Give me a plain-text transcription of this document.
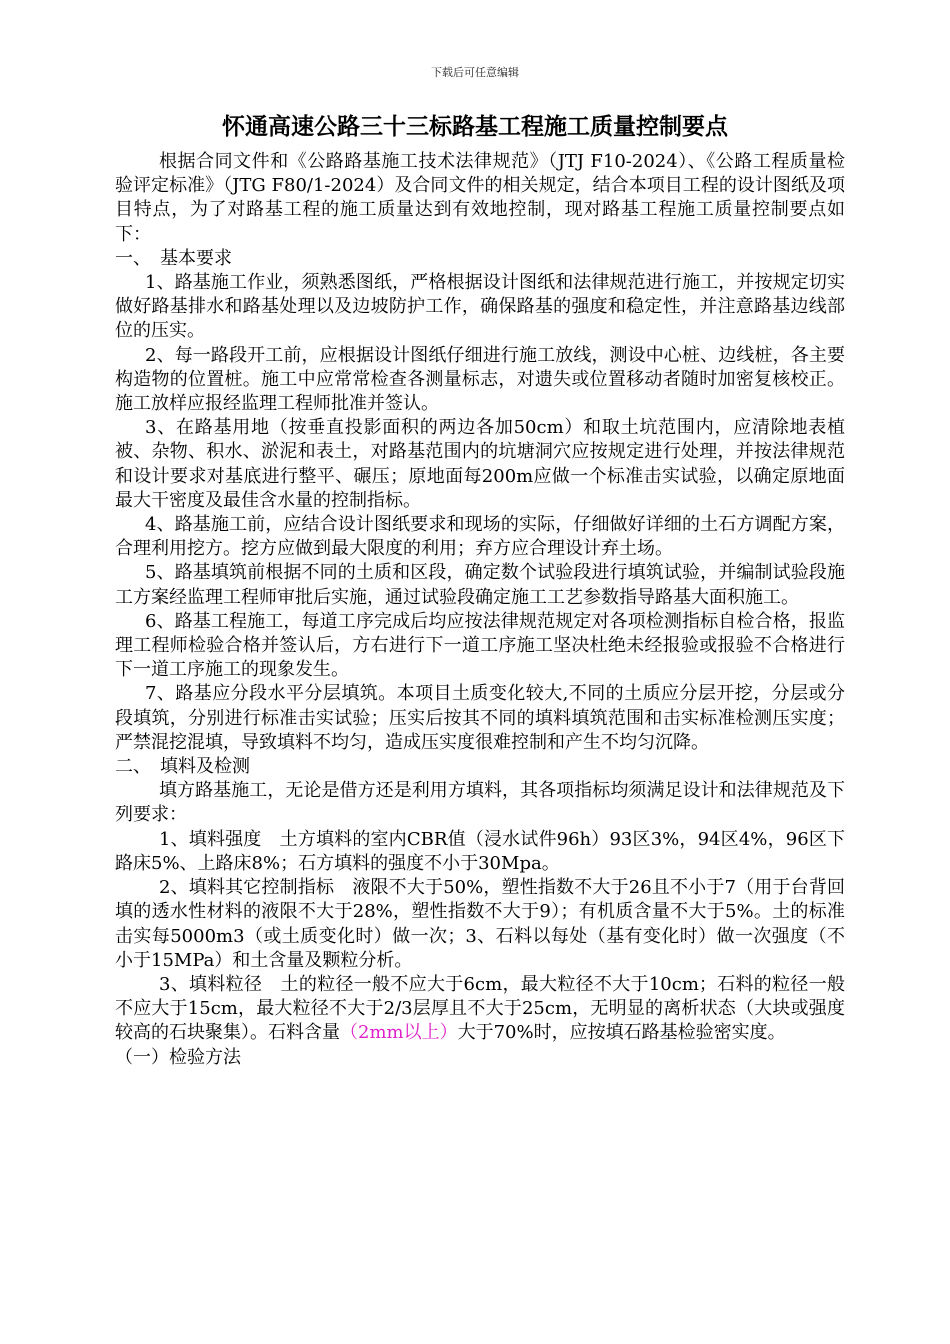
下载后可任意编辑
怀通高速公路三十三标路基工程施工质量控制要点

根据合同文件和《公路路基施工技术法律规范》（JTJ F10-2024）、《公路工程质量检验评定标准》（JTG F80/1-2024）及合同文件的相关规定，结合本项目工程的设计图纸及项目特点，为了对路基工程的施工质量达到有效地控制，现对路基工程施工质量控制要点如下：

一、　基本要求

1、路基施工作业，须熟悉图纸，严格根据设计图纸和法律规范进行施工，并按规定切实做好路基排水和路基处理以及边坡防护工作，确保路基的强度和稳定性，并注意路基边线部位的压实。

2、每一路段开工前，应根据设计图纸仔细进行施工放线，测设中心桩、边线桩，各主要构造物的位置桩。施工中应常常检查各测量标志，对遗失或位置移动者随时加密复核校正。施工放样应报经监理工程师批准并签认。

3、在路基用地（按垂直投影面积的两边各加50cm）和取土坑范围内，应清除地表植被、杂物、积水、淤泥和表土，对路基范围内的坑塘洞穴应按规定进行处理，并按法律规范和设计要求对基底进行整平、碾压；原地面每200m应做一个标准击实试验，以确定原地面最大干密度及最佳含水量的控制指标。

4、路基施工前，应结合设计图纸要求和现场的实际，仔细做好详细的土石方调配方案，合理利用挖方。挖方应做到最大限度的利用；弃方应合理设计弃土场。

5、路基填筑前根据不同的土质和区段，确定数个试验段进行填筑试验，并编制试验段施工方案经监理工程师审批后实施，通过试验段确定施工工艺参数指导路基大面积施工。

6、路基工程施工，每道工序完成后均应按法律规范规定对各项检测指标自检合格，报监理工程师检验合格并签认后，方右进行下一道工序施工坚决杜绝未经报验或报验不合格进行下一道工序施工的现象发生。

7、路基应分段水平分层填筑。本项目土质变化较大,不同的土质应分层开挖，分层或分段填筑，分别进行标准击实试验；压实后按其不同的填料填筑范围和击实标准检测压实度；严禁混挖混填，导致填料不均匀，造成压实度很难控制和产生不均匀沉降。

二、　填料及检测

填方路基施工，无论是借方还是利用方填料，其各项指标均须满足设计和法律规范及下列要求：

1、填料强度　土方填料的室内CBR值（浸水试件96h）93区3%，94区4%，96区下路床5%、上路床8%；石方填料的强度不小于30Mpa。

2、填料其它控制指标　液限不大于50%，塑性指数不大于26且不小于7（用于台背回填的透水性材料的液限不大于28%，塑性指数不大于9）；有机质含量不大于5%。土的标准击实每5000m3（或土质变化时）做一次；3、石料以每处（基有变化时）做一次强度（不小于15MPa）和土含量及颗粒分析。

3、填料粒径　土的粒径一般不应大于6cm，最大粒径不大于10cm；石料的粒径一般不应大于15cm，最大粒径不大于2/3层厚且不大于25cm，无明显的离析状态（大块或强度较高的石块聚集）。石料含量（2mm以上）大于70%时，应按填石路基检验密实度。

（一）检验方法
